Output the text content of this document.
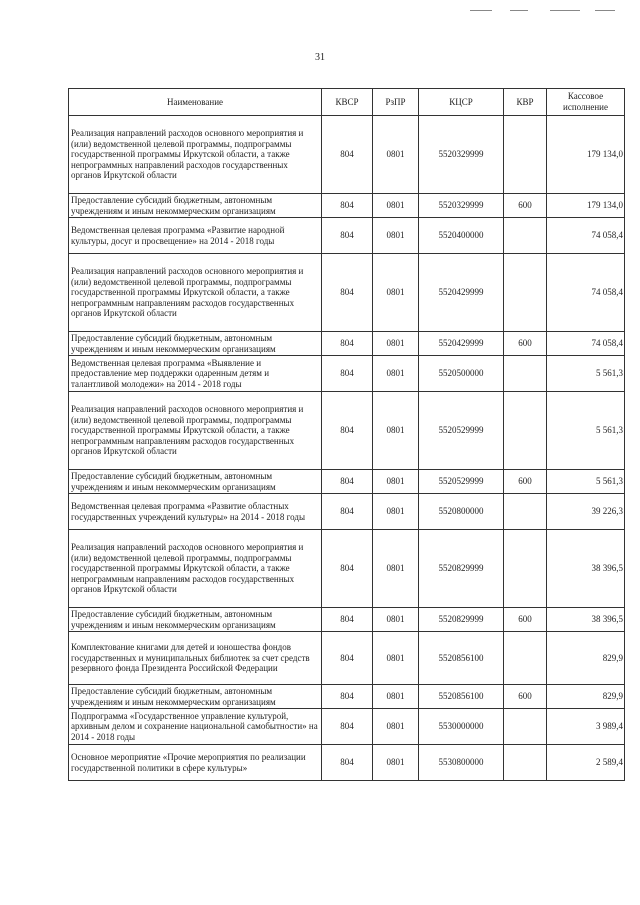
31
Наименование	КВСР	РзПР	КЦСР	КВР	Кассовое исполнение
Реализация направлений расходов основного мероприятия и (или) ведомственной целевой программы, подпрограммы государственной программы Иркутской области, а также непрограммных направлений расходов государственных органов Иркутской области	804	0801	5520329999		179 134,0
Предоставление субсидий бюджетным, автономным учреждениям и иным некоммерческим организациям	804	0801	5520329999	600	179 134,0
Ведомственная целевая программа «Развитие народной культуры, досуг и просвещение» на 2014 - 2018 годы	804	0801	5520400000		74 058,4
Реализация направлений расходов основного мероприятия и (или) ведомственной целевой программы, подпрограммы государственной программы Иркутской области, а также непрограммным направлениям расходов государственных органов Иркутской области	804	0801	5520429999		74 058,4
Предоставление субсидий бюджетным, автономным учреждениям и иным некоммерческим организациям	804	0801	5520429999	600	74 058,4
Ведомственная целевая программа «Выявление и предоставление мер поддержки одаренным детям и талантливой молодежи» на 2014 - 2018 годы	804	0801	5520500000		5 561,3
Реализация направлений расходов основного мероприятия и (или) ведомственной целевой программы, подпрограммы государственной программы Иркутской области, а также непрограммным направлениям расходов государственных органов Иркутской области	804	0801	5520529999		5 561,3
Предоставление субсидий бюджетным, автономным учреждениям и иным некоммерческим организациям	804	0801	5520529999	600	5 561,3
Ведомственная целевая программа «Развитие областных государственных учреждений культуры» на 2014 - 2018 годы	804	0801	5520800000		39 226,3
Реализация направлений расходов основного мероприятия и (или) ведомственной целевой программы, подпрограммы государственной программы Иркутской области, а также непрограммным направлениям расходов государственных органов Иркутской области	804	0801	5520829999		38 396,5
Предоставление субсидий бюджетным, автономным учреждениям и иным некоммерческим организациям	804	0801	5520829999	600	38 396,5
Комплектование книгами для детей и юношества фондов государственных и муниципальных библиотек за счет средств резервного фонда Президента Российской Федерации	804	0801	5520856100		829,9
Предоставление субсидий бюджетным, автономным учреждениям и иным некоммерческим организациям	804	0801	5520856100	600	829,9
Подпрограмма «Государственное управление культурой, архивным делом и сохранение национальной самобытности» на 2014 - 2018 годы	804	0801	5530000000		3 989,4
Основное мероприятие «Прочие мероприятия по реализации государственной политики в сфере культуры»	804	0801	5530800000		2 589,4
